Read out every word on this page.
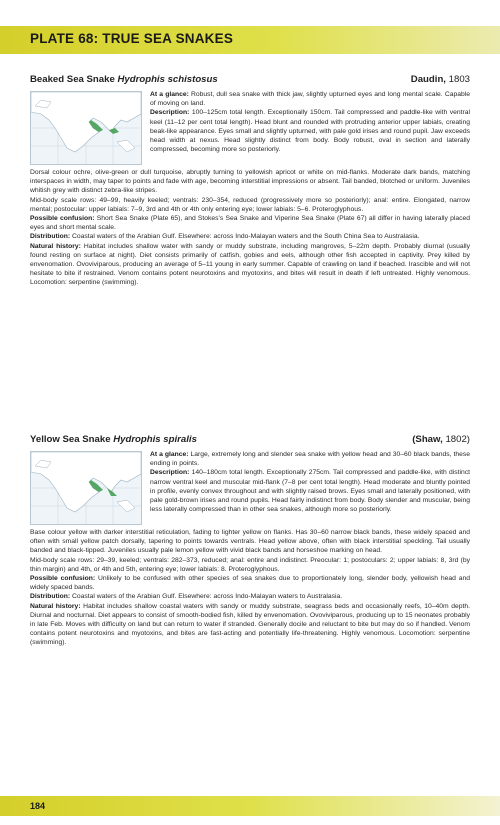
PLATE 68: TRUE SEA SNAKES
Beaked Sea Snake Hydrophis schistosus	Daudin, 1803

At a glance: Robust, dull sea snake with thick jaw, slightly upturned eyes and long mental scale. Capable of moving on land.
Description: 100–125cm total length. Exceptionally 150cm. Tail compressed and paddle-like with ventral keel (11–12 per cent total length). Head blunt and rounded with protruding anterior upper labials, creating beak-like appearance. Eyes small and slightly upturned, with pale gold irises and round pupil. Jaw exceeds head width at nexus. Head slightly distinct from body. Body robust, oval in section and laterally compressed, becoming more so posteriorly.

Dorsal colour ochre, olive-green or dull turquoise, abruptly turning to yellowish apricot or white on mid-flanks. Moderate dark bands, matching interspaces in width, may taper to points and fade with age, becoming interstitial impressions or absent. Tail banded, blotched or uniform. Juveniles whitish grey with distinct zebra-like stripes.

Mid-body scale rows: 49–99, heavily keeled; ventrals: 230–354, reduced (progressively more so posteriorly); anal: entire. Elongated, narrow mental; postocular: upper labials: 7–9, 3rd and 4th or 4th only entering eye; lower labials: 5–6. Proteroglyphous.

Possible confusion: Short Sea Snake (Plate 65), and Stokes's Sea Snake and Viperine Sea Snake (Plate 67) all differ in having laterally placed eyes and short mental scale.

Distribution: Coastal waters of the Arabian Gulf. Elsewhere: across Indo-Malayan waters and the South China Sea to Australasia.

Natural history: Habitat includes shallow water with sandy or muddy substrate, including mangroves, 5–22m depth. Probably diurnal (usually found resting on surface at night). Diet consists primarily of catfish, gobies and eels, although other fish accepted in captivity. Prey killed by envenomation. Ovoviviparous, producing an average of 5–11 young in early summer. Capable of crawling on land if beached. Irascible and will not hesitate to bite if restrained. Venom contains potent neurotoxins and myotoxins, and bites will result in death if left untreated. Highly venomous. Locomotion: serpentine (swimming).

Yellow Sea Snake Hydrophis spiralis	(Shaw, 1802)

At a glance: Large, extremely long and slender sea snake with yellow head and 30–60 black bands, these ending in points.
Description: 140–180cm total length. Exceptionally 275cm. Tail compressed and paddle-like, with distinct narrow ventral keel and muscular mid-flank (7–8 per cent total length). Head moderate and bluntly pointed in profile, evenly convex throughout and with slightly raised brows. Eyes small and laterally positioned, with pale gold-brown irises and round pupils. Head fairly indistinct from body. Body slender and muscular, being less laterally compressed than in other sea snakes, although more so posteriorly.

Base colour yellow with darker interstitial reticulation, fading to lighter yellow on flanks. Has 30–60 narrow black bands, these widely spaced and often with small yellow patch dorsally, tapering to points towards ventrals. Head yellow above, often with black interstitial speckling. Tail usually banded and black-tipped. Juveniles usually pale lemon yellow with vivid black bands and horseshoe marking on head.

Mid-body scale rows: 29–39, keeled; ventrals: 282–373, reduced; anal: entire and indistinct. Preocular: 1; postoculars: 2; upper labials: 8, 3rd (by thin margin) and 4th, or 4th and 5th, entering eye; lower labials: 8. Proteroglyphous.

Possible confusion: Unlikely to be confused with other species of sea snakes due to proportionately long, slender body, yellowish head and widely spaced bands.

Distribution: Coastal waters of the Arabian Gulf. Elsewhere: across Indo-Malayan waters to Australasia.

Natural history: Habitat includes shallow coastal waters with sandy or muddy substrate, seagrass beds and occasionally reefs, 10–40m depth. Diurnal and nocturnal. Diet appears to consist of smooth-bodied fish, killed by envenomation. Ovoviviparous, producing up to 15 neonates probably in late Feb. Moves with difficulty on land but can return to water if stranded. Generally docile and reluctant to bite but may do so if handled. Venom contains potent neurotoxins and myotoxins, and bites are fast-acting and potentially life-threatening. Highly venomous. Locomotion: serpentine (swimming).

184
